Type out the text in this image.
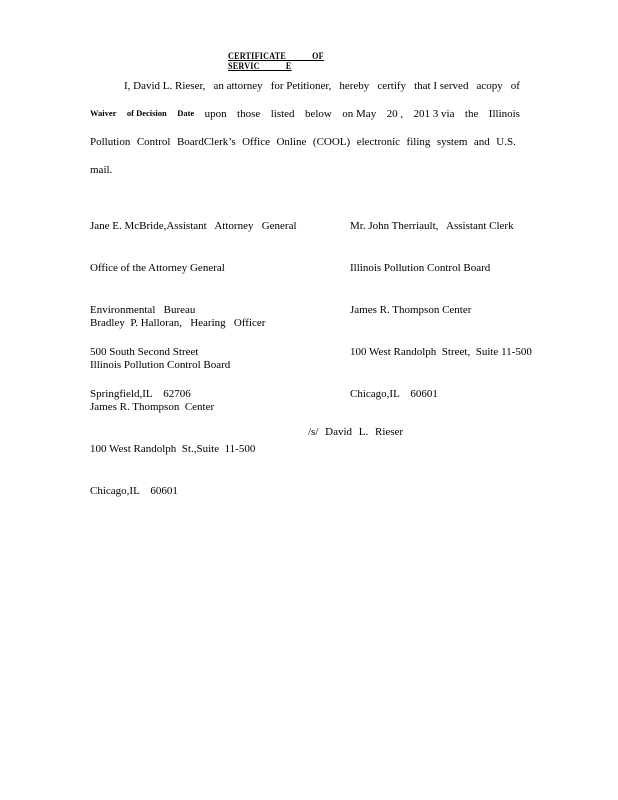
CERTIFICATE OF SERVIC E
I, David L. Rieser, an attorney for Petitioner, hereby certify that I served acopy of
Waiver of Decision Date upon those listed below on May 20 , 201 3 via the Illinois
Pollution Control BoardClerk’s Office Online (COOL) electronic filing system and U.S.
mail.

Jane E. McBride,Assistant   Attorney   General

Office of the Attorney General

Environmental   Bureau

500 South Second Street

Springfield,IL    62706

Mr. John Therriault,   Assistant Clerk

Illinois Pollution Control Board

James R. Thompson Center

100 West Randolph  Street,  Suite 11-500

Chicago,IL    60601

Bradley  P. Halloran,   Hearing   Officer

Illinois Pollution Control Board

James R. Thompson  Center

100 West Randolph  St.,Suite  11-500

Chicago,IL    60601

/s/ David L. Rieser
